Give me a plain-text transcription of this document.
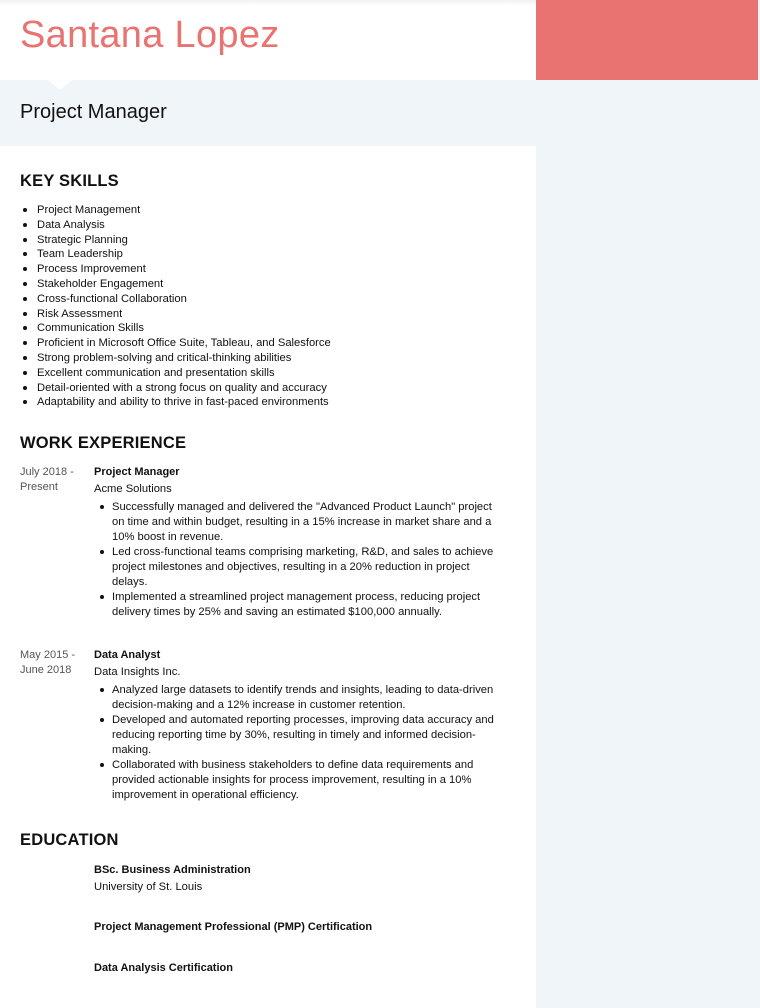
Santana Lopez
Project Manager
KEY SKILLS
Project Management
Data Analysis
Strategic Planning
Team Leadership
Process Improvement
Stakeholder Engagement
Cross-functional Collaboration
Risk Assessment
Communication Skills
Proficient in Microsoft Office Suite, Tableau, and Salesforce
Strong problem-solving and critical-thinking abilities
Excellent communication and presentation skills
Detail-oriented with a strong focus on quality and accuracy
Adaptability and ability to thrive in fast-paced environments
WORK EXPERIENCE
July 2018 -
Present
Project Manager
Acme Solutions
Successfully managed and delivered the "Advanced Product Launch" project on time and within budget, resulting in a 15% increase in market share and a 10% boost in revenue.
Led cross-functional teams comprising marketing, R&D, and sales to achieve project milestones and objectives, resulting in a 20% reduction in project delays.
Implemented a streamlined project management process, reducing project delivery times by 25% and saving an estimated $100,000 annually.
May 2015 -
June 2018
Data Analyst
Data Insights Inc.
Analyzed large datasets to identify trends and insights, leading to data-driven decision-making and a 12% increase in customer retention.
Developed and automated reporting processes, improving data accuracy and reducing reporting time by 30%, resulting in timely and informed decision-making.
Collaborated with business stakeholders to define data requirements and provided actionable insights for process improvement, resulting in a 10% improvement in operational efficiency.
EDUCATION
BSc. Business Administration
University of St. Louis
Project Management Professional (PMP) Certification
Data Analysis Certification
